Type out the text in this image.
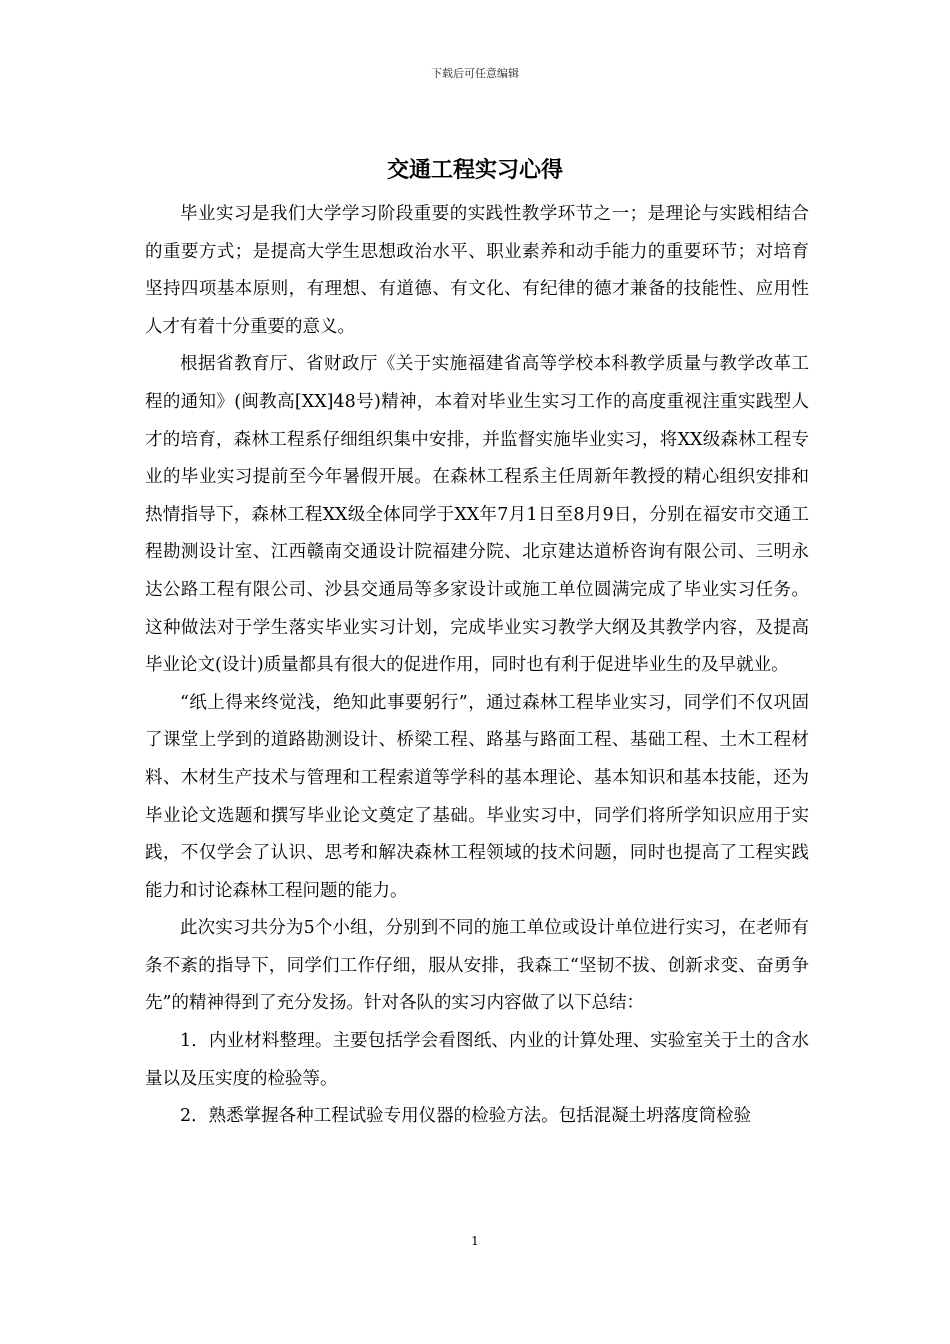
下载后可任意编辑
交通工程实习心得

毕业实习是我们大学学习阶段重要的实践性教学环节之一；是理论与实践相结合的重要方式；是提高大学生思想政治水平、职业素养和动手能力的重要环节；对培育坚持四项基本原则，有理想、有道德、有文化、有纪律的德才兼备的技能性、应用性人才有着十分重要的意义。

根据省教育厅、省财政厅《关于实施福建省高等学校本科教学质量与教学改革工程的通知》(闽教高[XX]48号)精神，本着对毕业生实习工作的高度重视注重实践型人才的培育，森林工程系仔细组织集中安排，并监督实施毕业实习，将XX级森林工程专业的毕业实习提前至今年暑假开展。在森林工程系主任周新年教授的精心组织安排和热情指导下，森林工程XX级全体同学于XX年7月1日至8月9日，分别在福安市交通工程勘测设计室、江西赣南交通设计院福建分院、北京建达道桥咨询有限公司、三明永达公路工程有限公司、沙县交通局等多家设计或施工单位圆满完成了毕业实习任务。这种做法对于学生落实毕业实习计划，完成毕业实习教学大纲及其教学内容，及提高毕业论文(设计)质量都具有很大的促进作用，同时也有利于促进毕业生的及早就业。

“纸上得来终觉浅，绝知此事要躬行”，通过森林工程毕业实习，同学们不仅巩固了课堂上学到的道路勘测设计、桥梁工程、路基与路面工程、基础工程、土木工程材料、木材生产技术与管理和工程索道等学科的基本理论、基本知识和基本技能，还为毕业论文选题和撰写毕业论文奠定了基础。毕业实习中，同学们将所学知识应用于实践，不仅学会了认识、思考和解决森林工程领域的技术问题，同时也提高了工程实践能力和讨论森林工程问题的能力。

此次实习共分为5个小组，分别到不同的施工单位或设计单位进行实习，在老师有条不紊的指导下，同学们工作仔细，服从安排，我森工“坚韧不拔、创新求变、奋勇争先”的精神得到了充分发扬。针对各队的实习内容做了以下总结：

1．内业材料整理。主要包括学会看图纸、内业的计算处理、实验室关于土的含水量以及压实度的检验等。

2．熟悉掌握各种工程试验专用仪器的检验方法。包括混凝土坍落度筒检验

1
